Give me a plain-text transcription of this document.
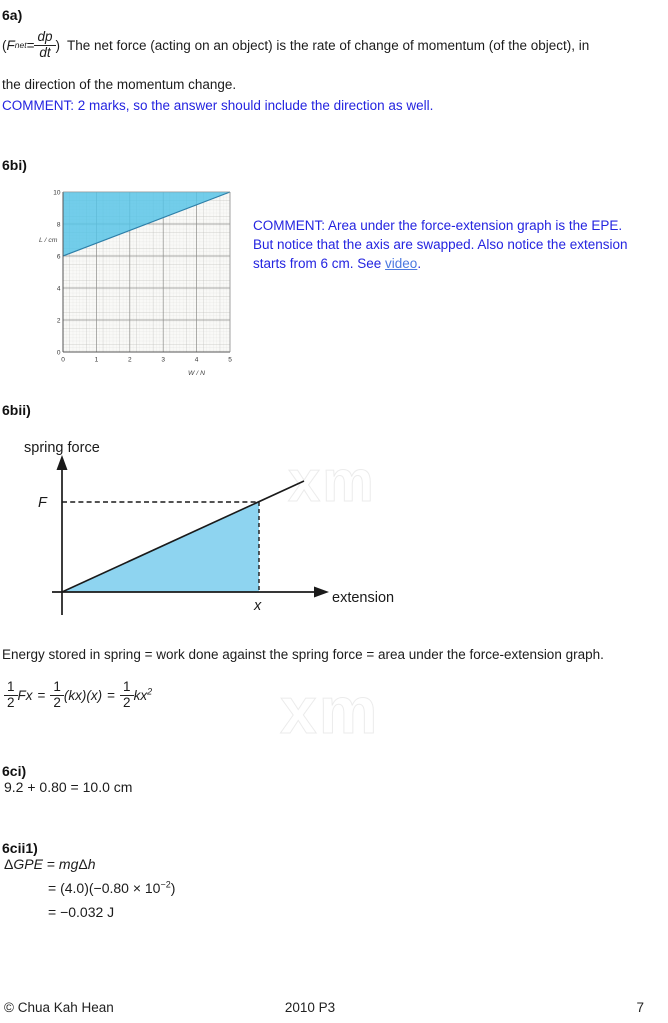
xm
xm
6a)
( F net = $\frac{dp}{dt}$ ) The net force (acting on an object) is the rate of change of momentum (of the object), in
the direction of the momentum change.
COMMENT: 2 marks, so the answer should include the direction as well.
6bi)
0	1	2	3	4	5
0
2
4
6
8
10
L / cm
W / N
COMMENT: Area under the force-extension graph is the EPE.
But notice that the axis are swapped. Also notice the extension
starts from 6 cm. See video.
6bii)
spring force
F
x	extension
Energy stored in spring = work done against the spring force = area under the force-extension graph.
$\frac{1}{2}$ $Fx = \frac{1}{2} (kx)(x) = \frac{1}{2} kx^2$
6ci)
9.2 + 0.80 = 10.0 cm
6cii1)
ΔGPE = mgΔh
= $(4.0)(-0.80 \times 10^{-2})$
= −0.032 J
© Chua Kah Hean	2010 P3	7
